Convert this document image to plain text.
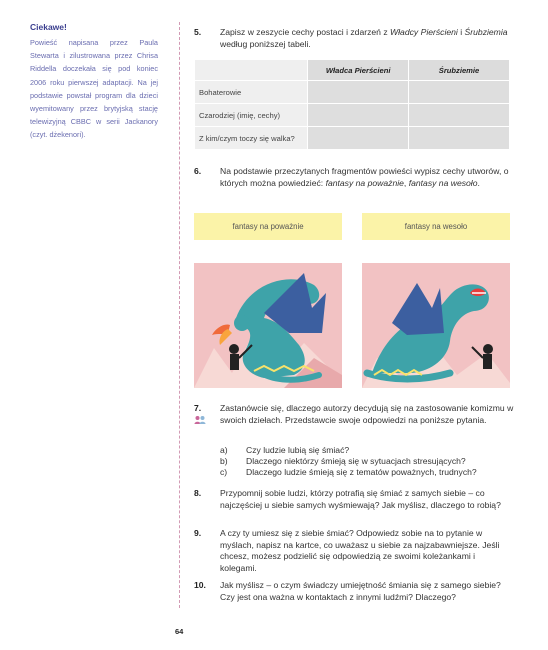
Ciekawe!
Powieść napisana przez Paula Stewarta i zilustrowana przez Chrisa Riddella doczekała się pod koniec 2006 roku pierwszej adaptacji. Na jej podstawie powstał program dla dzieci wyemitowany przez brytyjską stację telewizyjną CBBC w serii Jackanory (czyt. dżekenori).
5. Zapisz w zeszycie cechy postaci i zdarzeń z Władcy Pierścieni i Śrubziemia według poniższej tabeli.
	Władca Pierścieni	Śrubziemie
Bohaterowie		
Czarodziej (imię, cechy)		
Z kim/czym toczy się walka?		
6. Na podstawie przeczytanych fragmentów powieści wypisz cechy utworów, o których można powiedzieć: fantasy na poważnie, fantasy na wesoło.
fantasy na poważnie	fantasy na wesoło
7. Zastanówcie się, dlaczego autorzy decydują się na zastosowanie komizmu w swoich dziełach. Przedstawcie swoje odpowiedzi na poniższe pytania.
a) Czy ludzie lubią się śmiać?
b) Dlaczego niektórzy śmieją się w sytuacjach stresujących?
c) Dlaczego ludzie śmieją się z tematów poważnych, trudnych?
8. Przypomnij sobie ludzi, którzy potrafią się śmiać z samych siebie – co najczęściej u siebie samych wyśmiewają? Jak myślisz, dlaczego to robią?
9. A czy ty umiesz się z siebie śmiać? Odpowiedz sobie na to pytanie w myślach, napisz na kartce, co uważasz u siebie za najzabawniejsze. Jeśli chcesz, możesz podzielić się odpowiedzią ze swoimi koleżankami i kolegami.
10. Jak myślisz – o czym świadczy umiejętność śmiania się z samego siebie? Czy jest ona ważna w kontaktach z innymi ludźmi? Dlaczego?
64
